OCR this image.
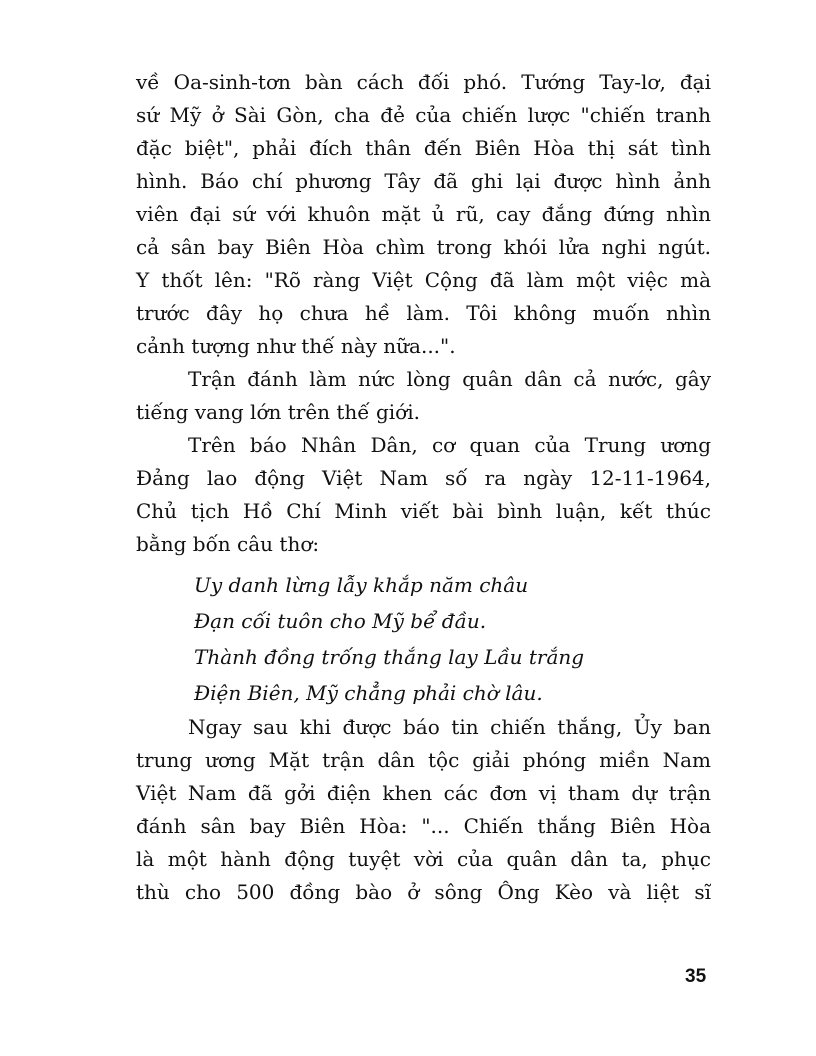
về Oa-sinh-tơn bàn cách đối phó. Tướng Tay-lơ, đại
sứ Mỹ ở Sài Gòn, cha đẻ của chiến lược "chiến tranh
đặc biệt", phải đích thân đến Biên Hòa thị sát tình
hình. Báo chí phương Tây đã ghi lại được hình ảnh
viên đại sứ với khuôn mặt ủ rũ, cay đắng đứng nhìn
cả sân bay Biên Hòa chìm trong khói lửa nghi ngút.
Y thốt lên: "Rõ ràng Việt Cộng đã làm một việc mà
trước đây họ chưa hề làm. Tôi không muốn nhìn
cảnh tượng như thế này nữa...".
Trận đánh làm nức lòng quân dân cả nước, gây
tiếng vang lớn trên thế giới.
Trên báo Nhân Dân, cơ quan của Trung ương
Đảng lao động Việt Nam số ra ngày 12-11-1964,
Chủ tịch Hồ Chí Minh viết bài bình luận, kết thúc
bằng bốn câu thơ:
Uy danh lừng lẫy khắp năm châu
Đạn cối tuôn cho Mỹ bể đầu.
Thành đồng trống thắng lay Lầu trắng
Điện Biên, Mỹ chẳng phải chờ lâu.
Ngay sau khi được báo tin chiến thắng, Ủy ban
trung ương Mặt trận dân tộc giải phóng miền Nam
Việt Nam đã gởi điện khen các đơn vị tham dự trận
đánh sân bay Biên Hòa: "... Chiến thắng Biên Hòa
là một hành động tuyệt vời của quân dân ta, phục
thù cho 500 đồng bào ở sông Ông Kèo và liệt sĩ
35
